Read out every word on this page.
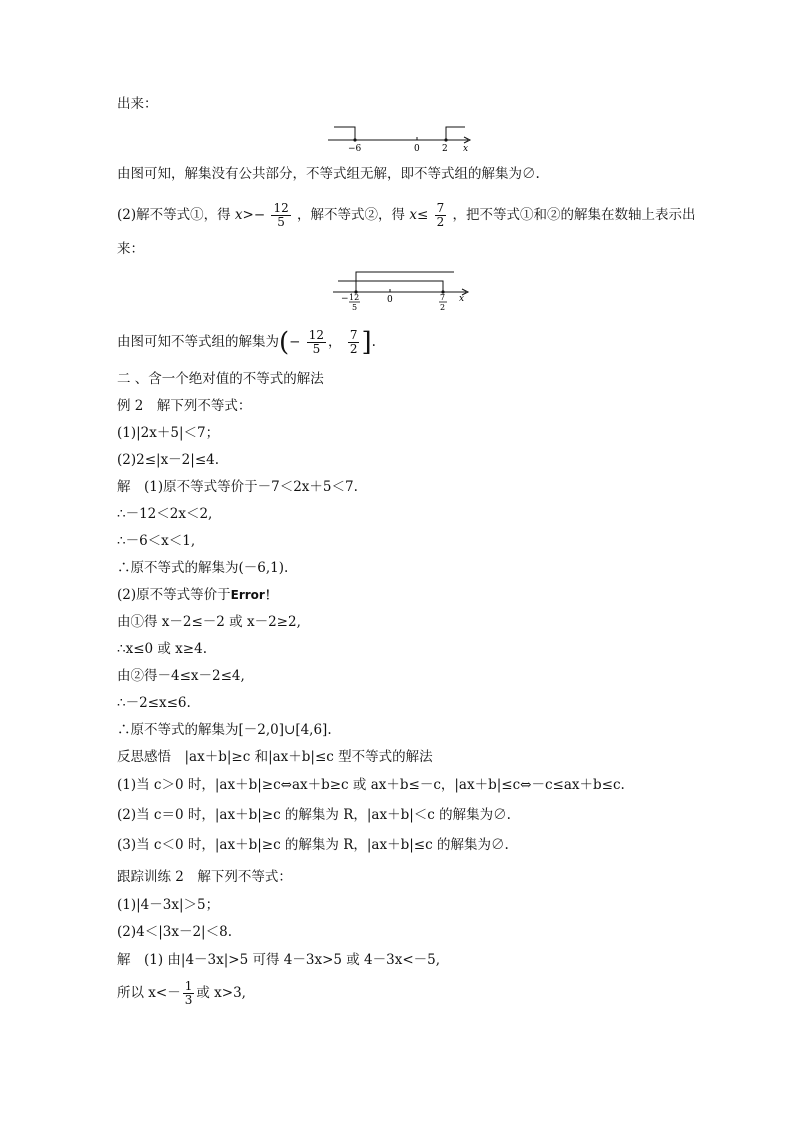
出来：
−6	0 2 x
由图可知，解集没有公共部分，不等式组无解，即不等式组的解集为∅.
(2)解不等式①，得 $x>- \frac{12}{5}$ ，解不等式②，得 $x\le \frac{7}{2}$ ，把不等式①和②的解集在数轴上表示出
来：
− 12
5
0	7
2
x
由图可知不等式组的解集为(− $\frac{12}{5}$ ， $\frac{7}{2}$ ].
二 、含一个绝对值的不等式的解法
例 2　解下列不等式：
(1)|2x＋5|＜7；
(2)2≤|x－2|≤4.
解　(1)原不等式等价于－7＜2x＋5＜7.
∴－12＜2x＜2,
∴－6＜x＜1,
∴原不等式的解集为(－6,1).
(2)原不等式等价于Error！
由①得 x－2≤－2 或 x－2≥2,
∴x≤0 或 x≥4.
由②得－4≤x－2≤4,
∴－2≤x≤6.
∴原不等式的解集为[－2,0]∪[4,6].
反思感悟　|ax＋b|≥c 和|ax＋b|≤c 型不等式的解法
(1)当 c＞0 时，|ax＋b|≥c⇔ax＋b≥c 或 ax＋b≤－c，|ax＋b|≤c⇔－c≤ax＋b≤c.
(2)当 c＝0 时，|ax＋b|≥c 的解集为 R，|ax＋b|＜c 的解集为∅.
(3)当 c＜0 时，|ax＋b|≥c 的解集为 R，|ax＋b|≤c 的解集为∅.
跟踪训练 2　解下列不等式：
(1)|4－3x|＞5；
(2)4＜|3x－2|＜8.
解　(1) 由|4－3x|>5 可得 4－3x>5 或 4－3x<－5,
所以 $x<- \frac{1}{3}$ 或 x>3,
